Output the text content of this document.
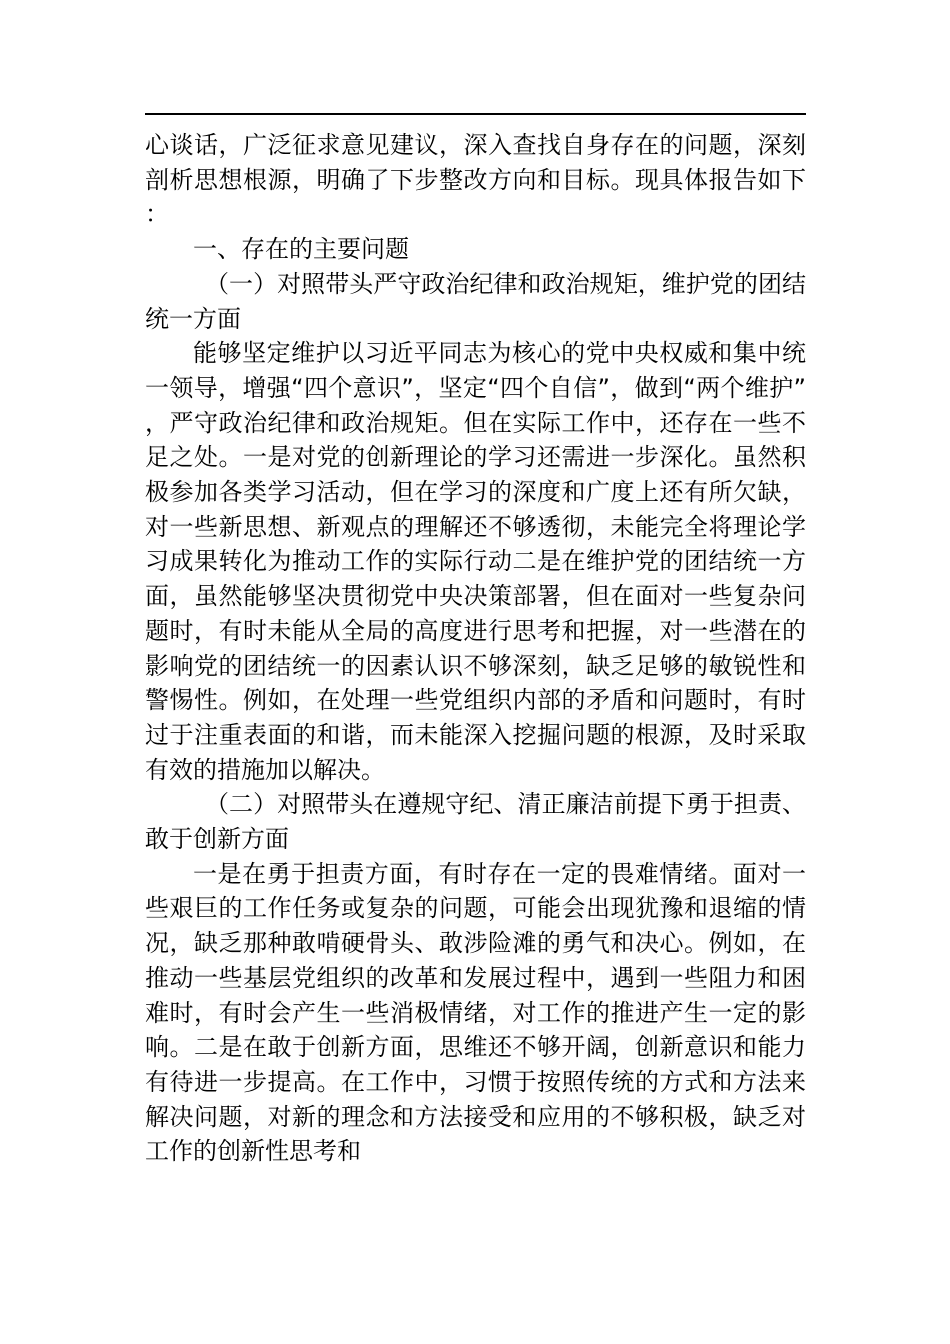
心谈话，广泛征求意见建议，深入查找自身存在的问题，深刻剖析思想根源，明确了下步整改方向和目标。现具体报告如下：

一、存在的主要问题

（一）对照带头严守政治纪律和政治规矩，维护党的团结统一方面

能够坚定维护以习近平同志为核心的党中央权威和集中统一领导，增强“四个意识”，坚定“四个自信”，做到“两个维护”，严守政治纪律和政治规矩。但在实际工作中，还存在一些不足之处。一是对党的创新理论的学习还需进一步深化。虽然积极参加各类学习活动，但在学习的深度和广度上还有所欠缺，对一些新思想、新观点的理解还不够透彻，未能完全将理论学习成果转化为推动工作的实际行动二是在维护党的团结统一方面，虽然能够坚决贯彻党中央决策部署，但在面对一些复杂问题时，有时未能从全局的高度进行思考和把握，对一些潜在的影响党的团结统一的因素认识不够深刻，缺乏足够的敏锐性和警惕性。例如，在处理一些党组织内部的矛盾和问题时，有时过于注重表面的和谐，而未能深入挖掘问题的根源，及时采取有效的措施加以解决。

（二）对照带头在遵规守纪、清正廉洁前提下勇于担责、敢于创新方面

一是在勇于担责方面，有时存在一定的畏难情绪。面对一些艰巨的工作任务或复杂的问题，可能会出现犹豫和退缩的情况，缺乏那种敢啃硬骨头、敢涉险滩的勇气和决心。例如，在推动一些基层党组织的改革和发展过程中，遇到一些阻力和困难时，有时会产生一些消极情绪，对工作的推进产生一定的影响。二是在敢于创新方面，思维还不够开阔，创新意识和能力有待进一步提高。在工作中，习惯于按照传统的方式和方法来解决问题，对新的理念和方法接受和应用的不够积极，缺乏对工作的创新性思考和
